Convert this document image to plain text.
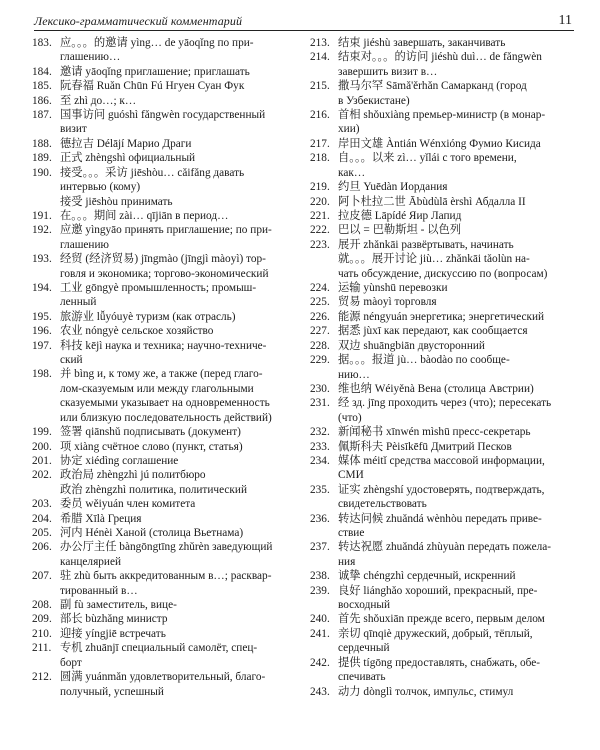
Лексико-грамматический комментарий	11
183. 应。。。的邀请 yìng… de yāoqǐng по при-
глашению…
184. 邀请 yāoqǐng приглашение; приглашать
185. 阮春福 Ruǎn Chūn Fú Нгуен Суан Фук
186. 至 zhì до…; к…
187. 国事访问 guóshì fǎngwèn государственный
визит
188. 德拉吉 Délājí Марио Драги
189. 正式 zhèngshì официальный
190. 接受。。。采访 jiēshòu… cǎifǎng давать
интервью (кому)
接受 jiēshòu принимать
191. 在。。。期间 zài… qījiān в период…
192. 应邀 yìngyāo принять приглашение; по при-
глашению
193. 经贸 (经济贸易) jīngmào (jīngjì màoyì) тор-
говля и экономика; торгово-экономический
194. 工业 gōngyè промышленность; промыш-
ленный
195. 旅游业 lǚyóuyè туризм (как отрасль)
196. 农业 nóngyè сельское хозяйство
197. 科技 kējì наука и техника; научно-техниче-
ский
198. 并 bìng и, к тому же, а также (перед глаго-
лом-сказуемым или между глагольными
сказуемыми указывает на одновременность
или близкую последовательность действий)
199. 签署 qiānshǔ подписывать (документ)
200. 项 xiàng счётное слово (пункт, статья)
201. 协定 xiédìng соглашение
202. 政治局 zhèngzhì jú политбюро
政治 zhèngzhì политика, политический
203. 委员 wěiyuán член комитета
204. 希腊 Xīlà Греция
205. 河内 Hénèi Ханой (столица Вьетнама)
206. 办公厅主任 bàngōngtīng zhǔrèn заведующий
канцелярией
207. 驻 zhù быть аккредитованным в…; расквар-
тированный в…
208. 副 fù заместитель, вице-
209. 部长 bùzhǎng министр
210. 迎接 yíngjiē встречать
211. 专机 zhuānjī специальный самолёт, спец-
борт
212. 圆满 yuánmǎn удовлетворительный, благо-
получный, успешный
213. 结束 jiéshù завершать, заканчивать
214. 结束对。。。的访问 jiéshù duì… de fǎngwèn
завершить визит в…
215. 撒马尔罕 Sāmǎ'ěrhǎn Самарканд (город
в Узбекистане)
216. 首相 shǒuxiàng премьер-министр (в монар-
хии)
217. 岸田文雄 Àntián Wénxióng Фумио Кисида
218. 自。。。以来 zì… yǐlái с того времени,
как…
219. 约旦 Yuēdàn Иордания
220. 阿卜杜拉二世 Ābùdùlā èrshì Абдалла II
221. 拉皮德 Lāpídé Яир Лапид
222. 巴以 = 巴勒斯坦 - 以色列
223. 展开 zhǎnkāi развёртывать, начинать
就。。。展开讨论 jiù… zhǎnkāi tǎolùn на-
чать обсуждение, дискуссию по (вопросам)
224. 运输 yùnshū перевозки
225. 贸易 màoyì торговля
226. 能源 néngyuán энергетика; энергетический
227. 据悉 jùxī как передают, как сообщается
228. 双边 shuāngbiān двусторонний
229. 据。。。报道 jù… bàodào по сообще-
нию…
230. 维也纳 Wéiyěnà Вена (столица Австрии)
231. 经 зд. jīng проходить через (что); пересекать
(что)
232. 新闻秘书 xīnwén mìshū пресс-секретарь
233. 佩斯科夫 Pèisīkēfū Дмитрий Песков
234. 媒体 méitǐ средства массовой информации,
СМИ
235. 证实 zhèngshí удостоверять, подтверждать,
свидетельствовать
236. 转达问候 zhuǎndá wènhòu передать приве-
ствие
237. 转达祝愿 zhuǎndá zhùyuàn передать пожела-
ния
238. 诚挚 chéngzhì сердечный, искренний
239. 良好 liánghǎo хороший, прекрасный, пре-
восходный
240. 首先 shǒuxiān прежде всего, первым делом
241. 亲切 qīnqiè дружеский, добрый, тёплый,
сердечный
242. 提供 tígōng предоставлять, снабжать, обе-
спечивать
243. 动力 dònglì толчок, импульс, стимул
